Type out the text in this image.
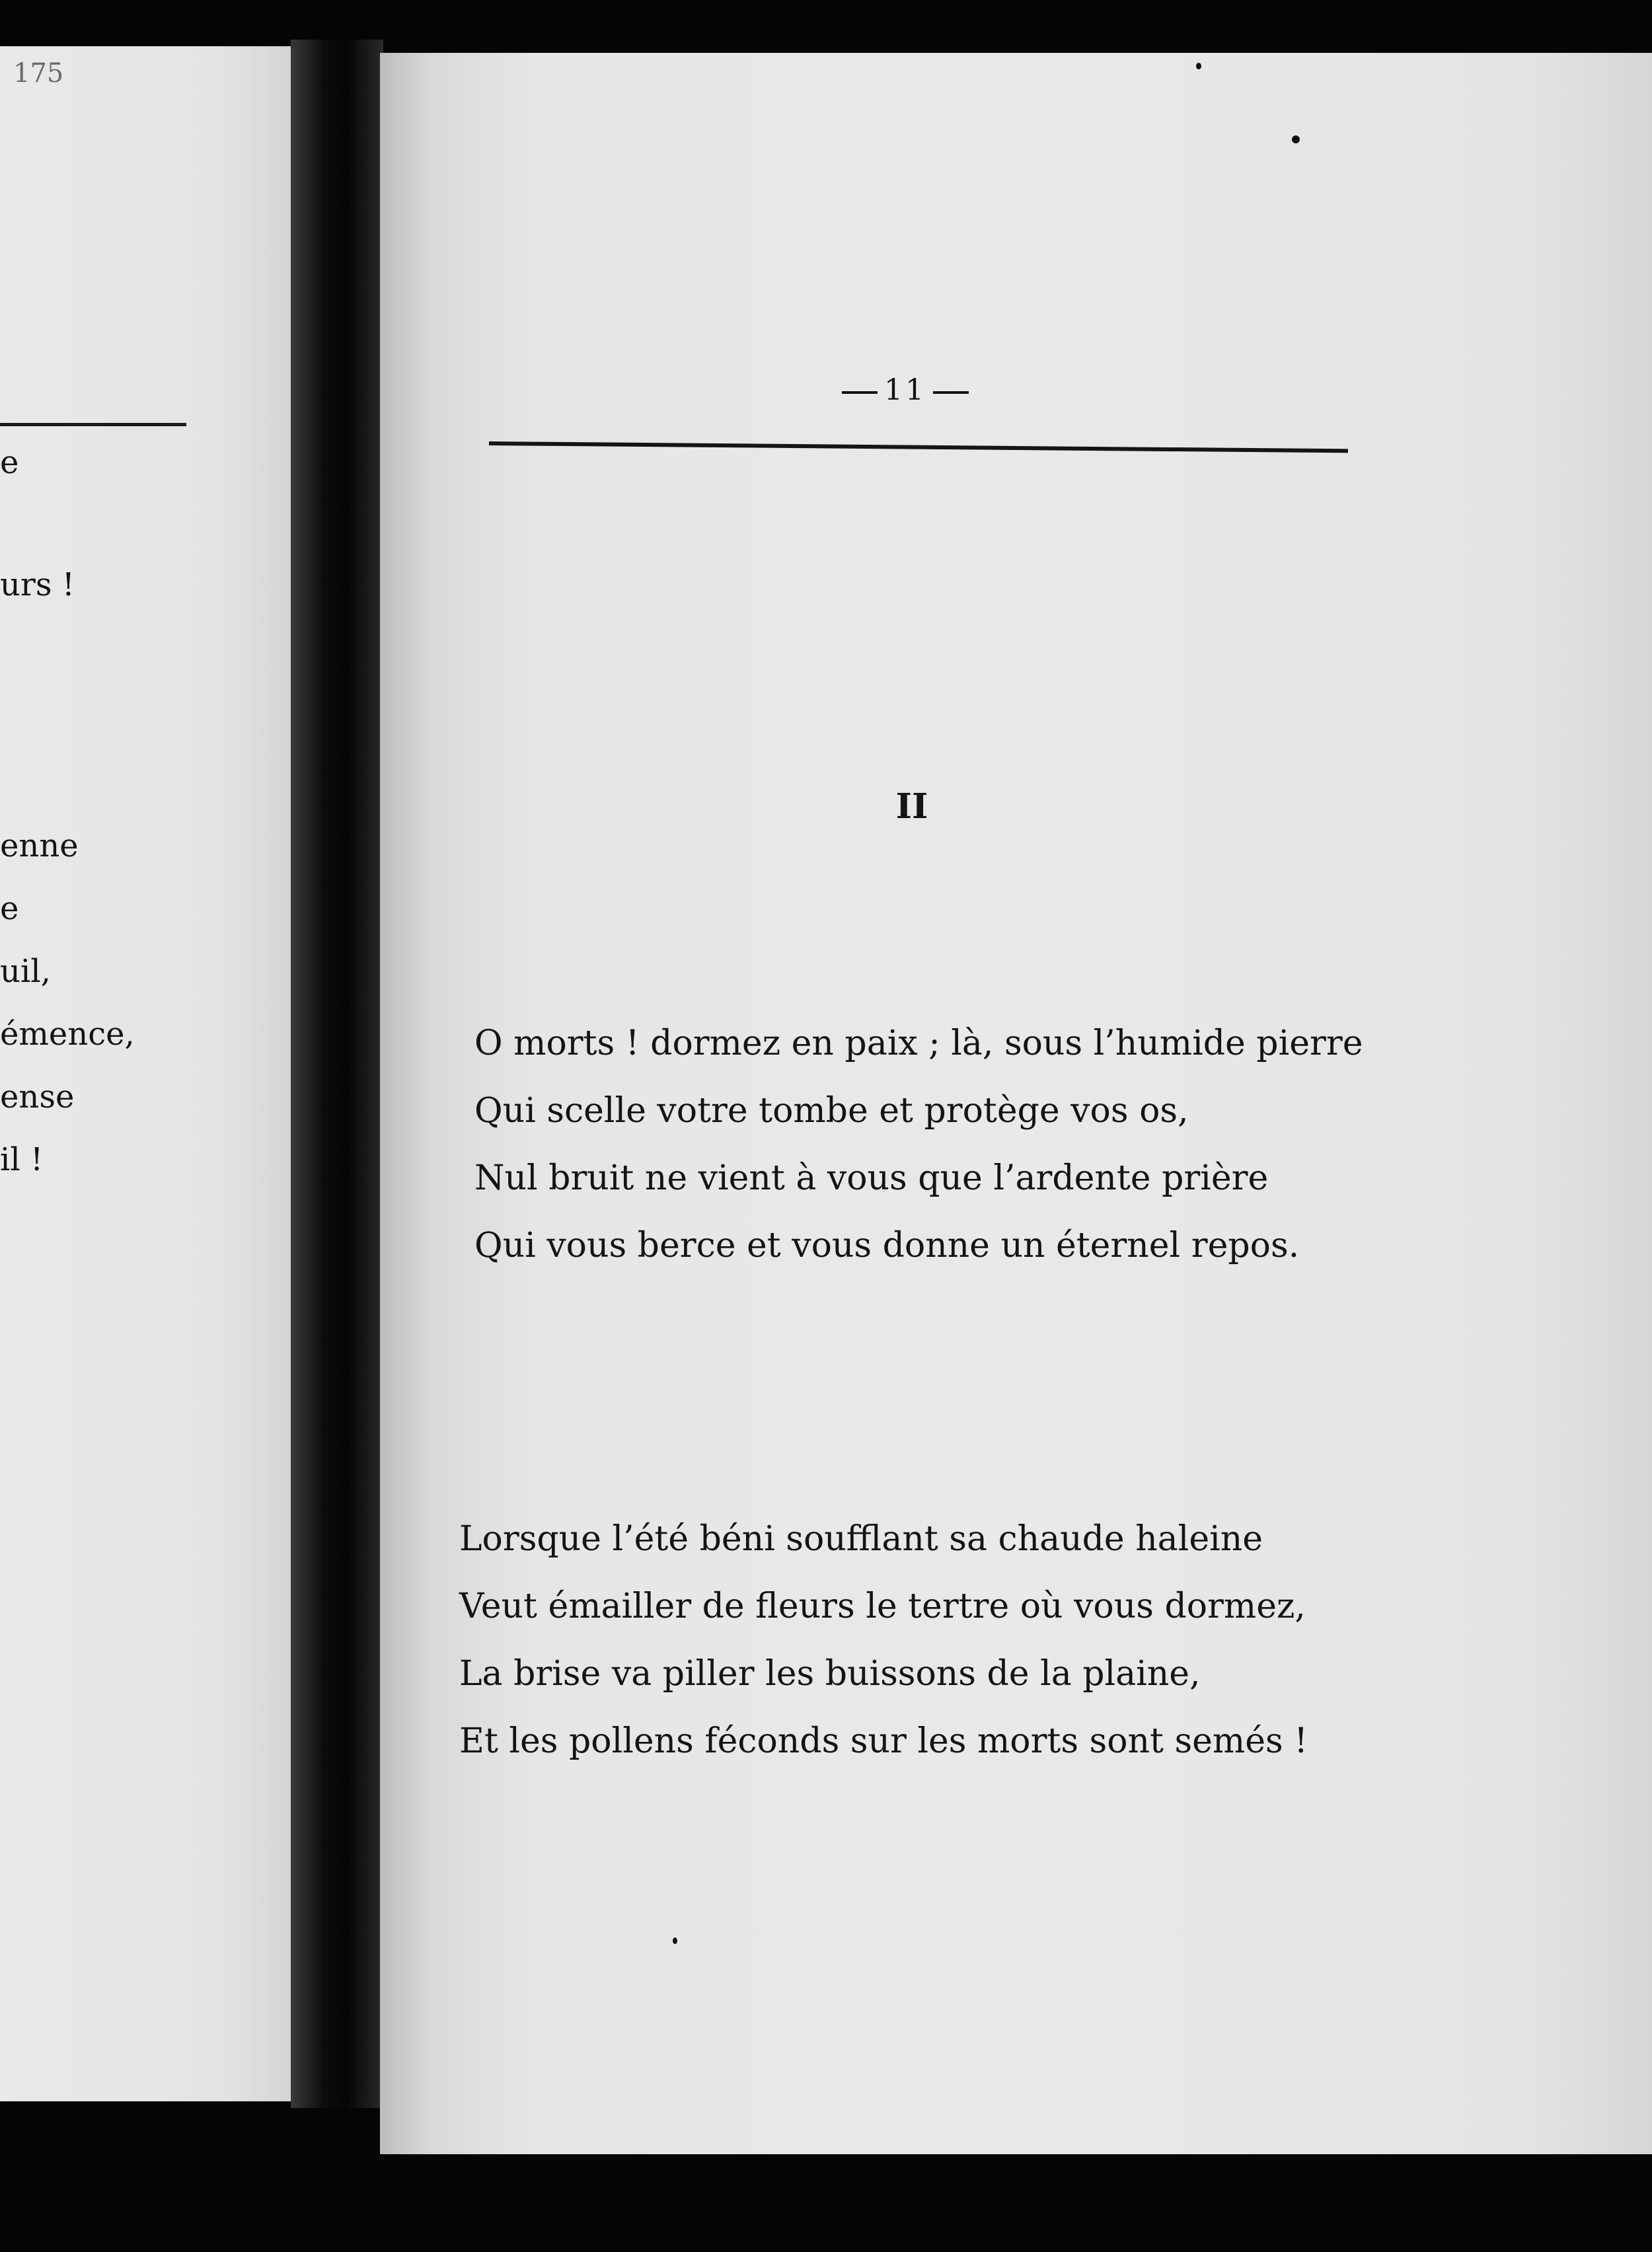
175
e
urs !
enne
e
uil,
émence,
ense
il !
11
II
O morts ! dormez en paix ; là, sous l’humide pierre
Qui scelle votre tombe et protège vos os,
Nul bruit ne vient à vous que l’ardente prière
Qui vous berce et vous donne un éternel repos.
Lorsque l’été béni soufflant sa chaude haleine
Veut émailler de fleurs le tertre où vous dormez,
La brise va piller les buissons de la plaine,
Et les pollens féconds sur les morts sont semés !
